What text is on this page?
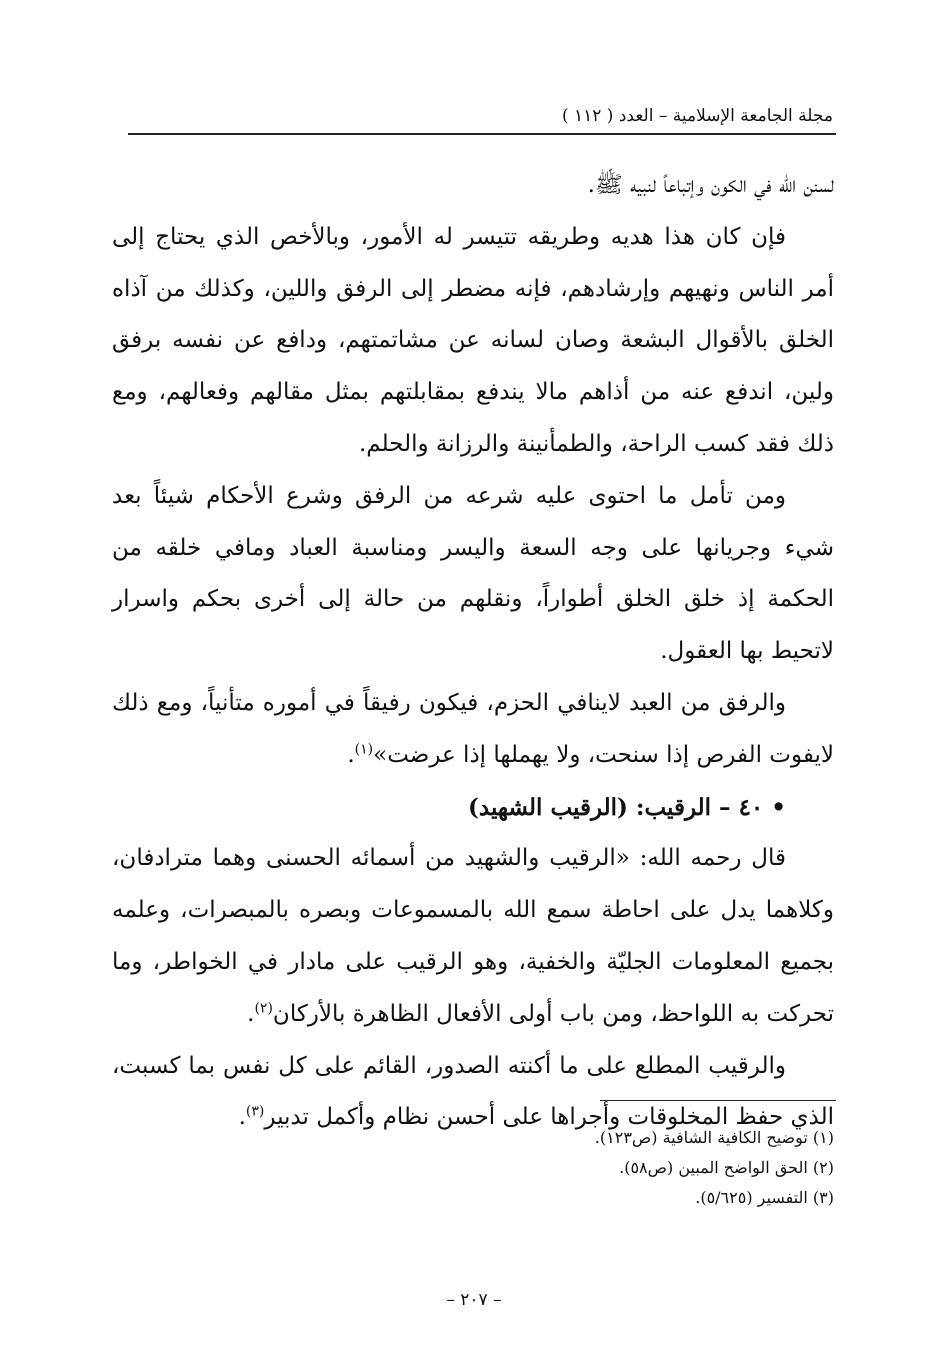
مجلة الجامعة الإسلامية – العدد ( ١١٢ )

لسنن الله في الكون وإتباعاً لنبيه ﷺ.

فإن كان هذا هديه وطريقه تتيسر له الأمور، وبالأخص الذي يحتاج إلى أمر الناس ونهيهم وإرشادهم، فإنه مضطر إلى الرفق واللين، وكذلك من آذاه الخلق بالأقوال البشعة وصان لسانه عن مشاتمتهم، ودافع عن نفسه برفق ولين، اندفع عنه من أذاهم مالا يندفع بمقابلتهم بمثل مقالهم وفعالهم، ومع ذلك فقد كسب الراحة، والطمأنينة والرزانة والحلم.

ومن تأمل ما احتوى عليه شرعه من الرفق وشرع الأحكام شيئاً بعد شيء وجريانها على وجه السعة واليسر ومناسبة العباد ومافي خلقه من الحكمة إذ خلق الخلق أطواراً، ونقلهم من حالة إلى أخرى بحكم واسرار لاتحيط بها العقول.

والرفق من العبد لاينافي الحزم، فيكون رفيقاً في أموره متأنياً، ومع ذلك لايفوت الفرص إذا سنحت، ولا يهملها إذا عرضت»$^{(١)}$.

• ٤٠ – الرقيب: (الرقيب الشهيد)

قال رحمه الله: «الرقيب والشهيد من أسمائه الحسنى وهما مترادفان، وكلاهما يدل على احاطة سمع الله بالمسموعات وبصره بالمبصرات، وعلمه بجميع المعلومات الجليّة والخفية، وهو الرقيب على مادار في الخواطر، وما تحركت به اللواحظ، ومن باب أولى الأفعال الظاهرة بالأركان$^{(٢)}$.

والرقيب المطلع على ما أكنته الصدور، القائم على كل نفس بما كسبت، الذي حفظ المخلوقات وأجراها على أحسن نظام وأكمل تدبير$^{(٣)}$.

(١) توضيح الكافية الشافية (ص١٢٣).
(٢) الحق الواضح المبين (ص٥٨).
(٣) التفسير (٥/٦٢٥).
– ٢٠٧ –
